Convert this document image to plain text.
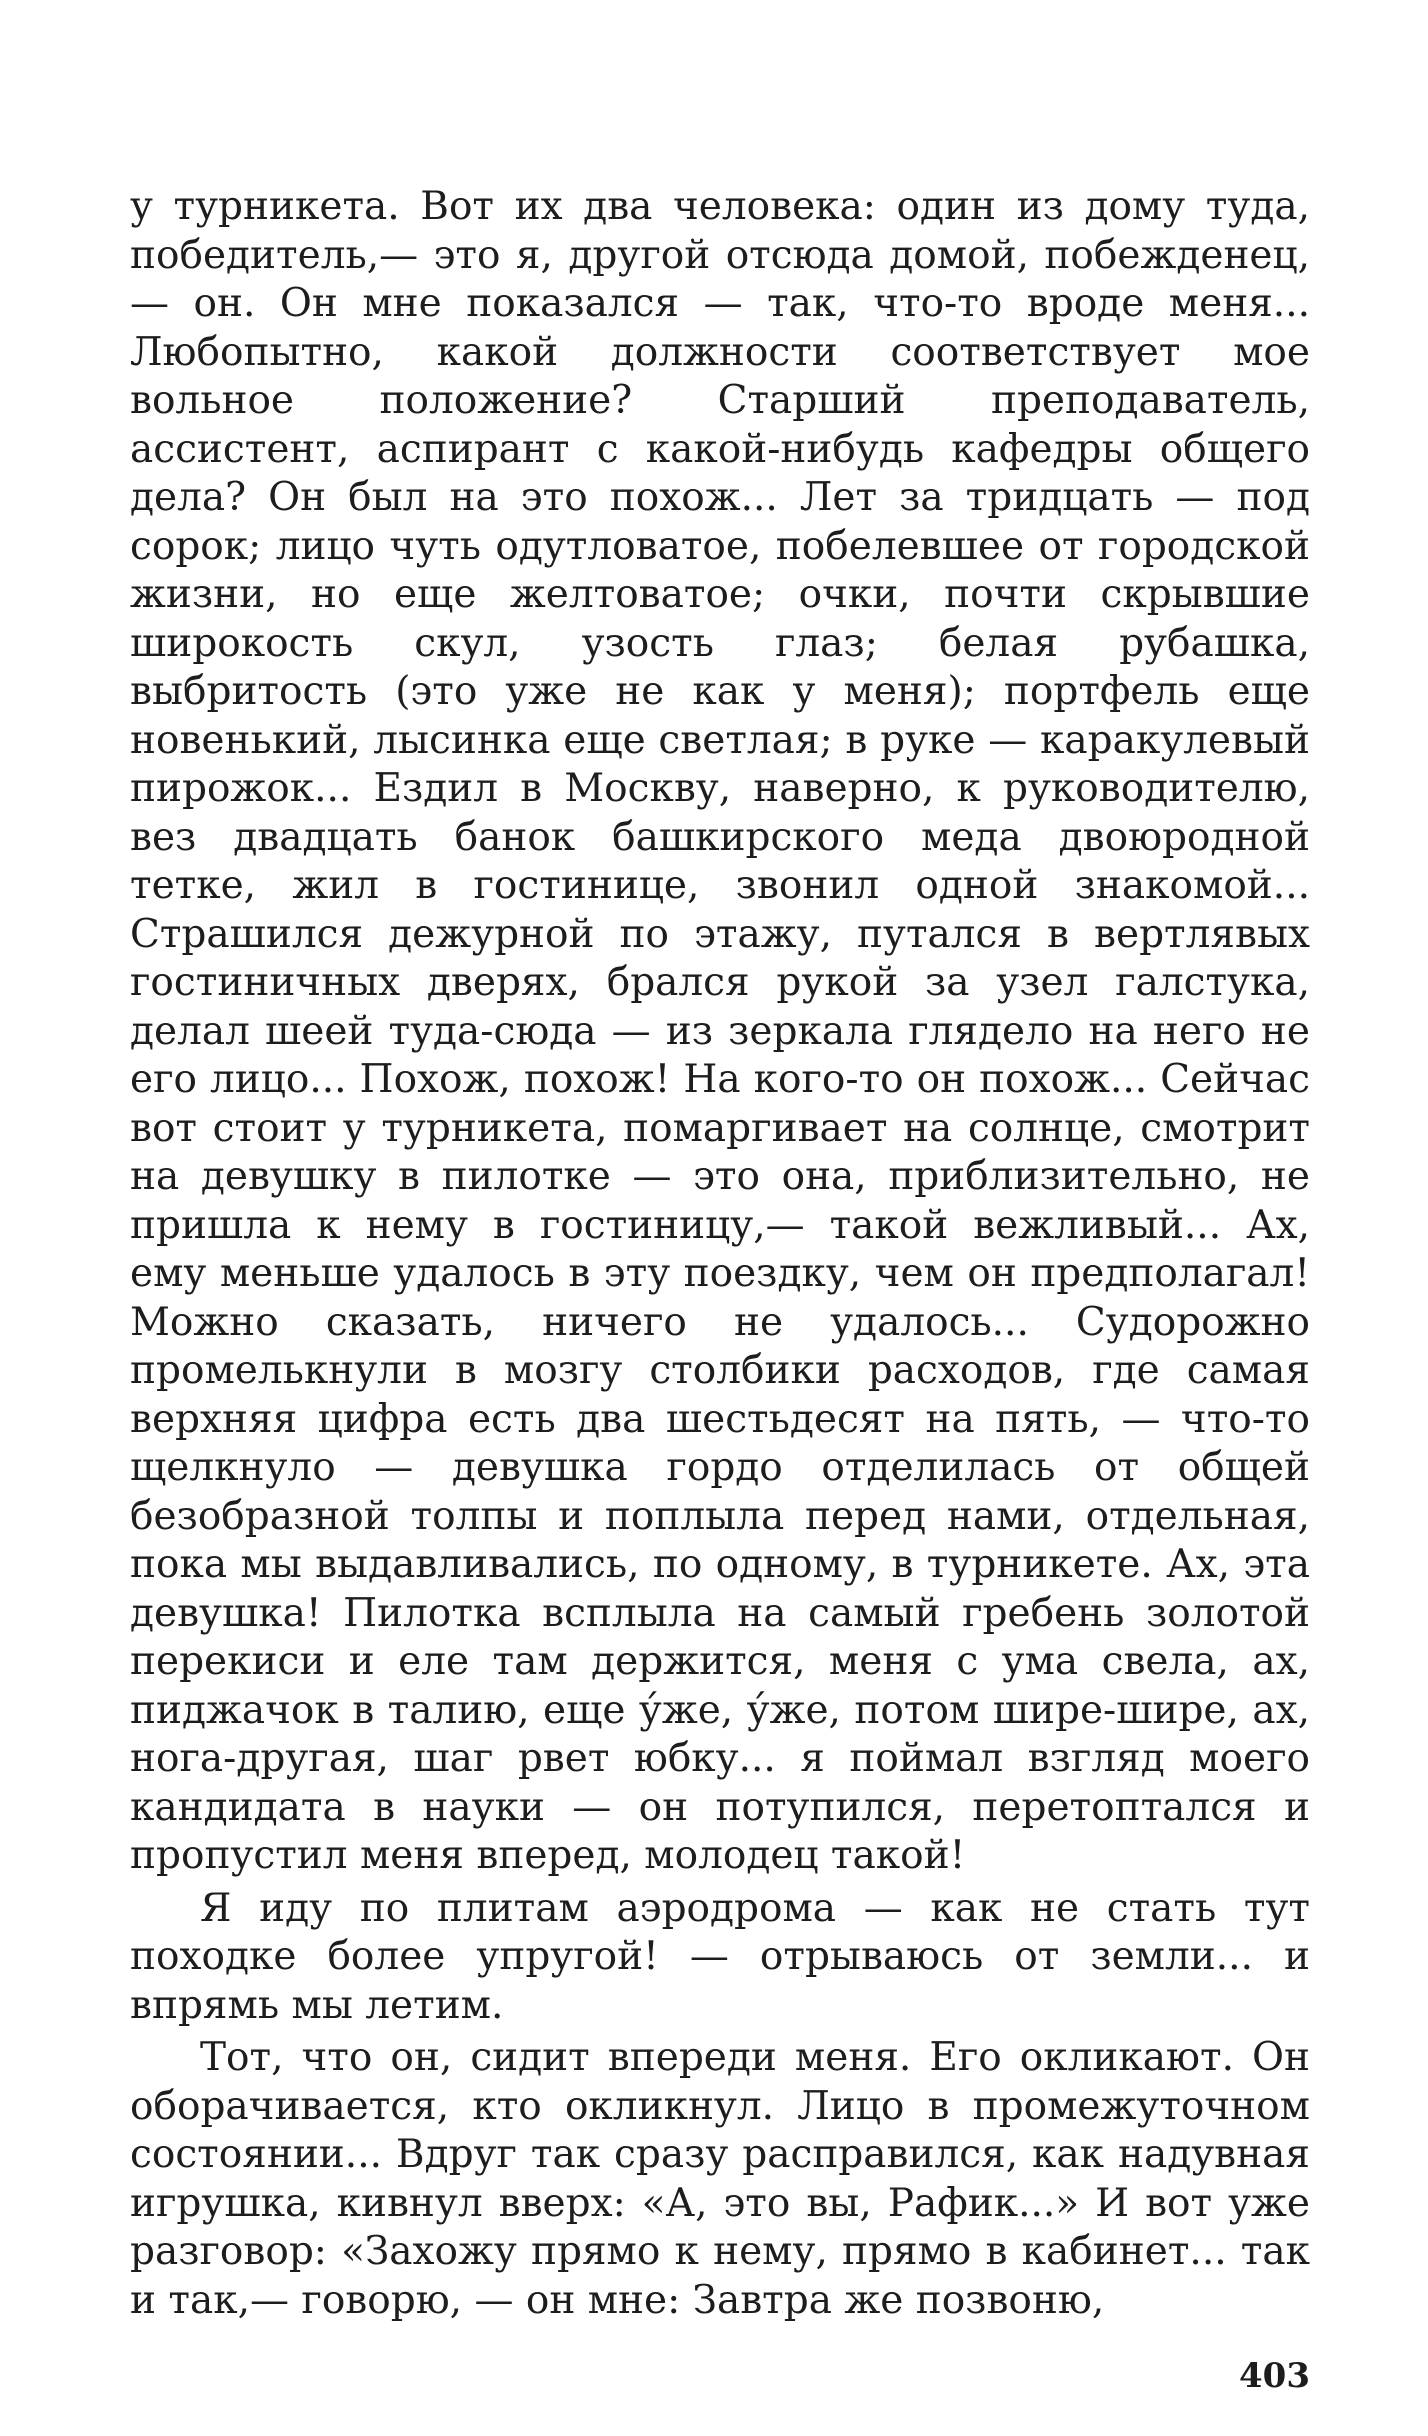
у турникета. Вот их два человека: один из дому туда, победитель,— это я, другой отсюда домой, побежденец, — он. Он мне показался — так, что-то вроде меня... Любопытно, какой должности соответствует мое вольное положение? Старший преподаватель, ассистент, аспирант с какой-нибудь кафедры общего дела? Он был на это похож... Лет за тридцать — под сорок; лицо чуть одутловатое, побелевшее от городской жизни, но еще желтоватое; очки, почти скрывшие широкость скул, узость глаз; белая рубашка, выбритость (это уже не как у меня); портфель еще новенький, лысинка еще светлая; в руке — каракулевый пирожок... Ездил в Москву, наверно, к руководителю, вез двадцать банок башкирского меда двоюродной тетке, жил в гостинице, звонил одной знакомой... Страшился дежурной по этажу, путался в вертлявых гостиничных дверях, брался рукой за узел галстука, делал шеей туда-сюда — из зеркала глядело на него не его лицо... Похож, похож! На кого-то он похож... Сейчас вот стоит у турникета, помаргивает на солнце, смотрит на девушку в пилотке — это она, приблизительно, не пришла к нему в гостиницу,— такой вежливый... Ах, ему меньше удалось в эту поездку, чем он предполагал! Можно сказать, ничего не удалось... Судорожно промелькнули в мозгу столбики расходов, где самая верхняя цифра есть два шестьдесят на пять, — что-то щелкнуло — девушка гордо отделилась от общей безобразной толпы и поплыла перед нами, отдельная, пока мы выдавливались, по одному, в турникете. Ах, эта девушка! Пилотка всплыла на самый гребень золотой перекиси и еле там держится, меня с ума свела, ах, пиджачок в талию, еще у́же, у́же, потом шире-шире, ах, нога-другая, шаг рвет юбку... я поймал взгляд моего кандидата в науки — он потупился, перетоптался и пропустил меня вперед, молодец такой!

Я иду по плитам аэродрома — как не стать тут походке более упругой! — отрываюсь от земли... и впрямь мы летим.

Тот, что он, сидит впереди меня. Его окликают. Он оборачивается, кто окликнул. Лицо в промежуточном состоянии... Вдруг так сразу расправился, как надувная игрушка, кивнул вверх: «А, это вы, Рафик...» И вот уже разговор: «Захожу прямо к нему, прямо в кабинет... так и так,— говорю, — он мне: Завтра же позвоню,

403
